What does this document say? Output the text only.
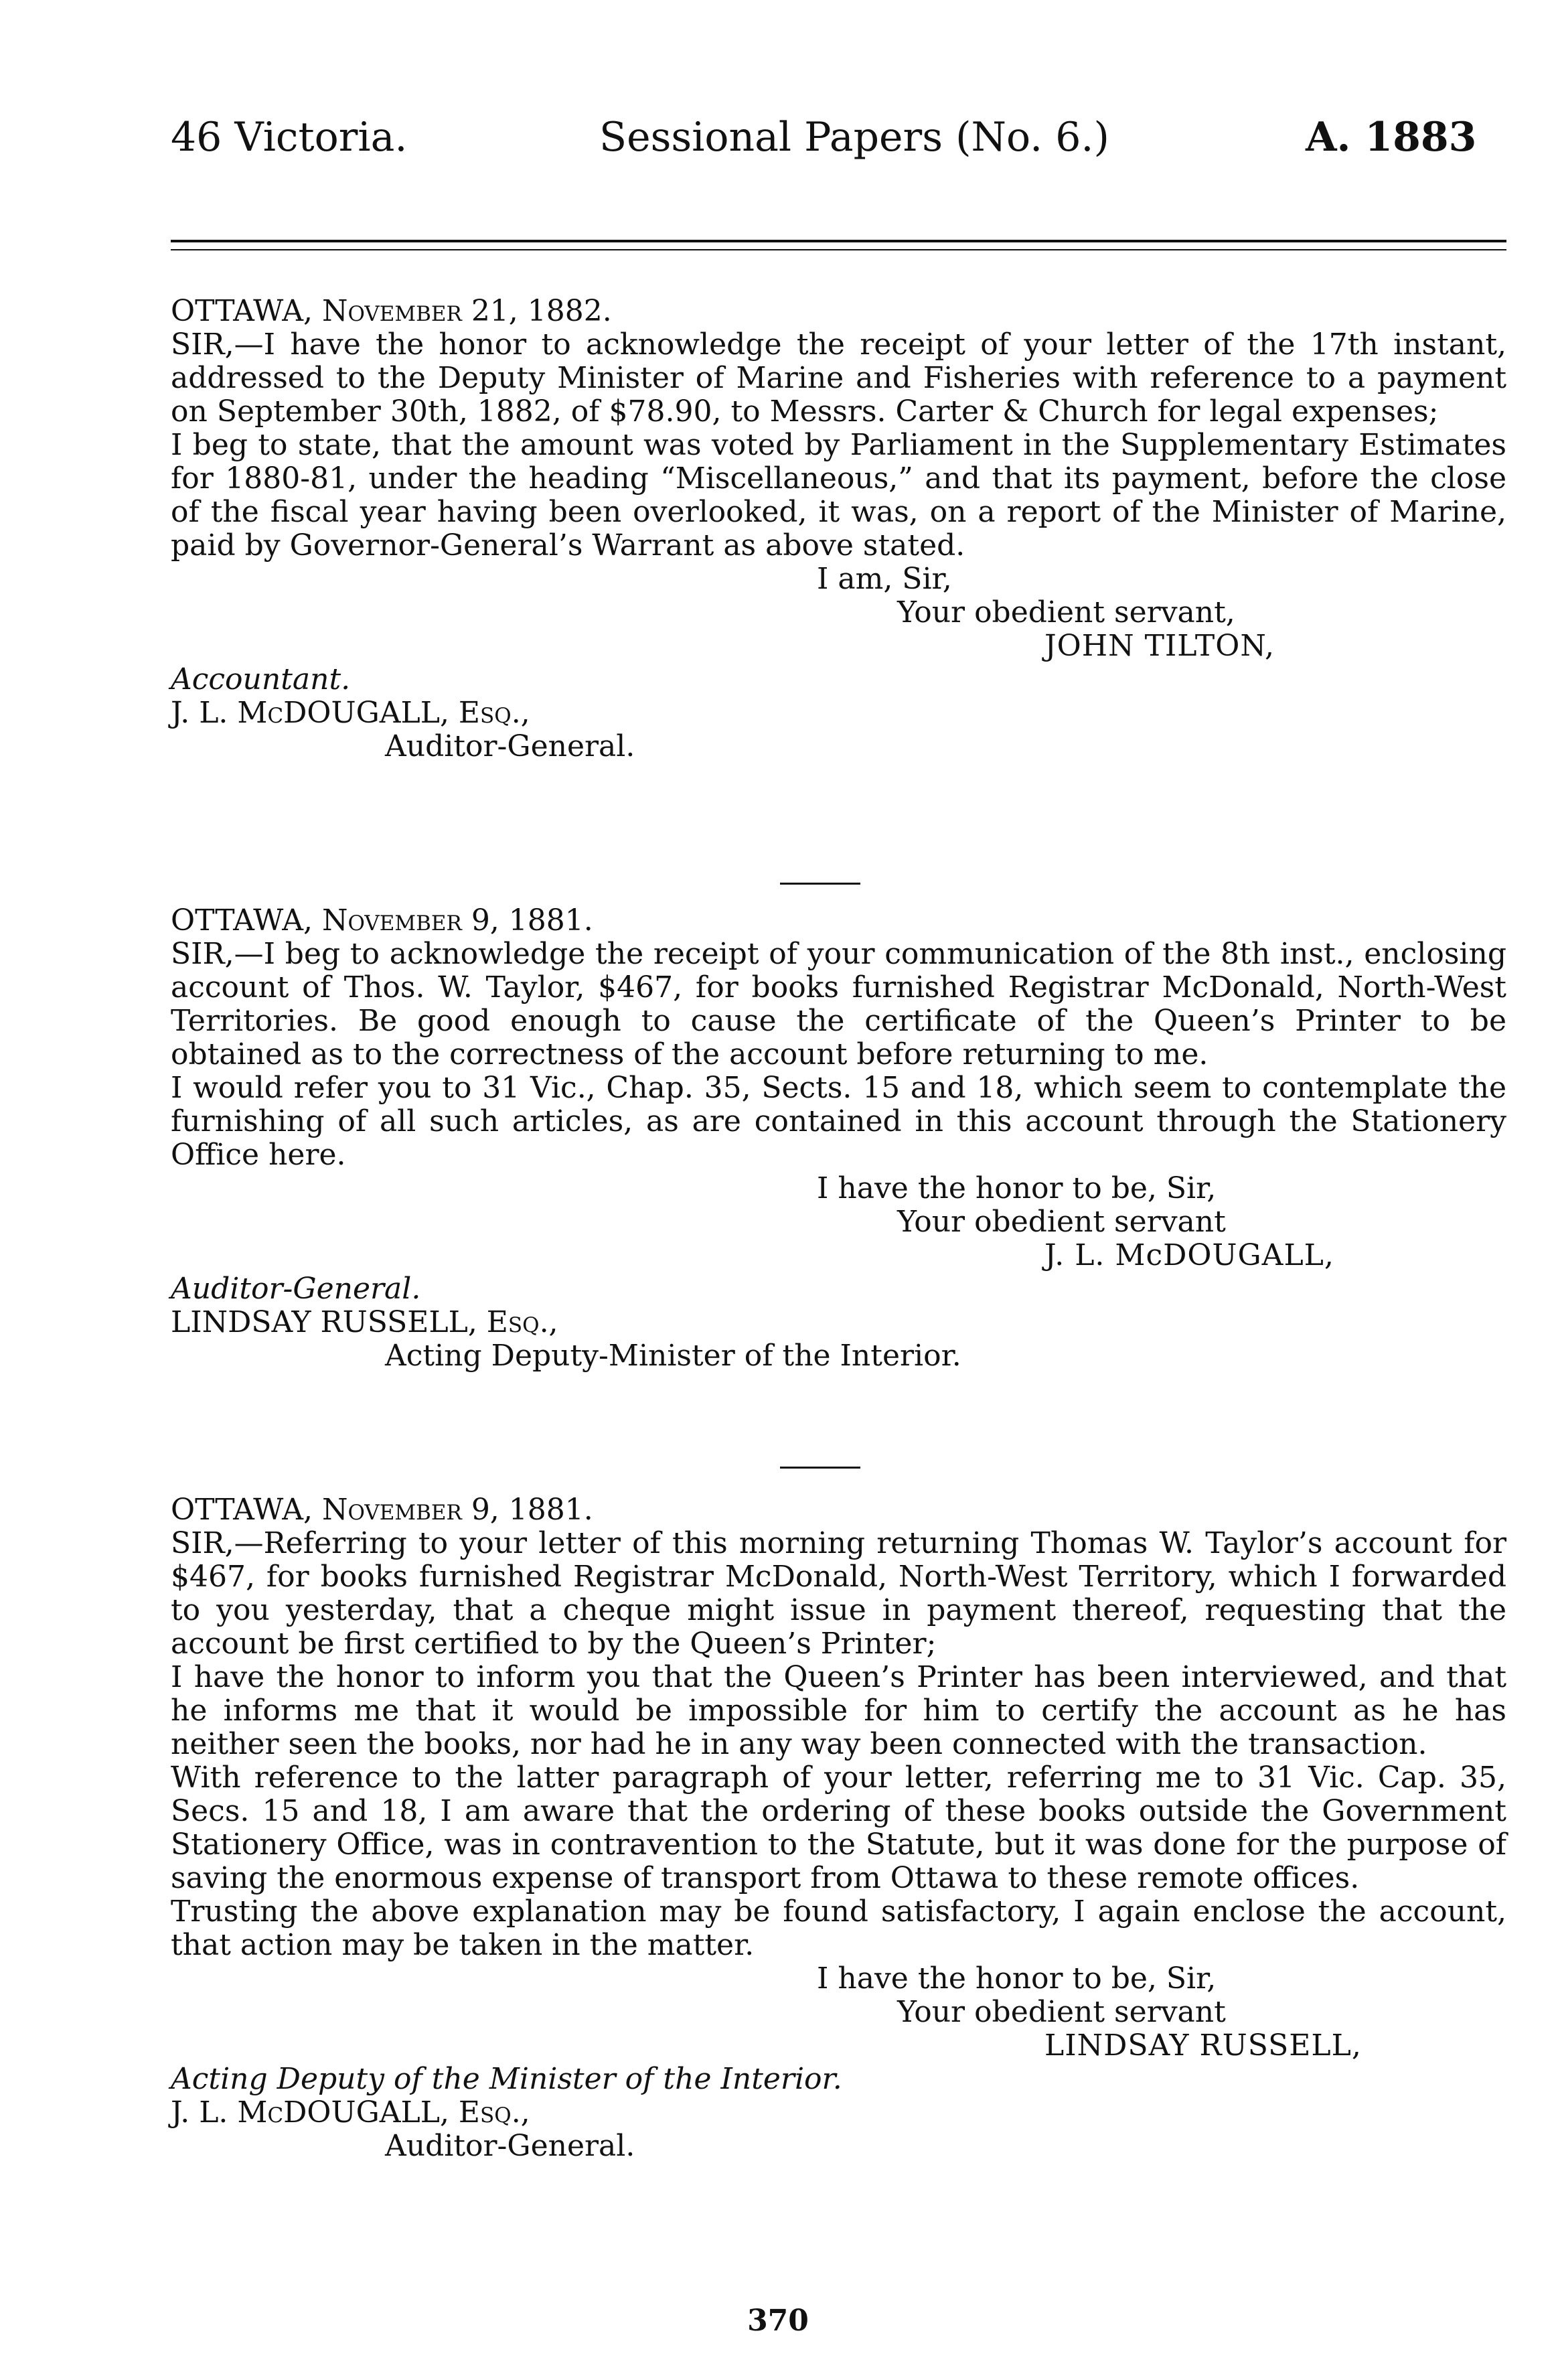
46 Victoria.	Sessional Papers (No. 6.)	A. 1883

OTTAWA, November 21, 1882.

SIR,—I have the honor to acknowledge the receipt of your letter of the 17th instant, addressed to the Deputy Minister of Marine and Fisheries with reference to a payment on September 30th, 1882, of $78.90, to Messrs. Carter & Church for legal expenses;

I beg to state, that the amount was voted by Parliament in the Supplementary Estimates for 1880-81, under the heading “Miscellaneous,” and that its payment, before the close of the fiscal year having been overlooked, it was, on a report of the Minister of Marine, paid by Governor-General’s Warrant as above stated.

I am, Sir,

Your obedient servant,

JOHN TILTON,

Accountant.

J. L. McDOUGALL, Esq.,

Auditor-General.

OTTAWA, November 9, 1881.

SIR,—I beg to acknowledge the receipt of your communication of the 8th inst., enclosing account of Thos. W. Taylor, $467, for books furnished Registrar McDonald, North-West Territories. Be good enough to cause the certificate of the Queen’s Printer to be obtained as to the correctness of the account before returning to me.

I would refer you to 31 Vic., Chap. 35, Sects. 15 and 18, which seem to contemplate the furnishing of all such articles, as are contained in this account through the Stationery Office here.

I have the honor to be, Sir,

Your obedient servant

J. L. McDOUGALL,

Auditor-General.

LINDSAY RUSSELL, Esq.,

Acting Deputy-Minister of the Interior.

OTTAWA, November 9, 1881.

SIR,—Referring to your letter of this morning returning Thomas W. Taylor’s account for $467, for books furnished Registrar McDonald, North-West Territory, which I forwarded to you yesterday, that a cheque might issue in payment thereof, requesting that the account be first certified to by the Queen’s Printer;

I have the honor to inform you that the Queen’s Printer has been interviewed, and that he informs me that it would be impossible for him to certify the account as he has neither seen the books, nor had he in any way been connected with the transaction.

With reference to the latter paragraph of your letter, referring me to 31 Vic. Cap. 35, Secs. 15 and 18, I am aware that the ordering of these books outside the Government Stationery Office, was in contravention to the Statute, but it was done for the purpose of saving the enormous expense of transport from Ottawa to these remote offices.

Trusting the above explanation may be found satisfactory, I again enclose the account, that action may be taken in the matter.

I have the honor to be, Sir,

Your obedient servant

LINDSAY RUSSELL,

Acting Deputy of the Minister of the Interior.

J. L. McDOUGALL, Esq.,

Auditor-General.

370
